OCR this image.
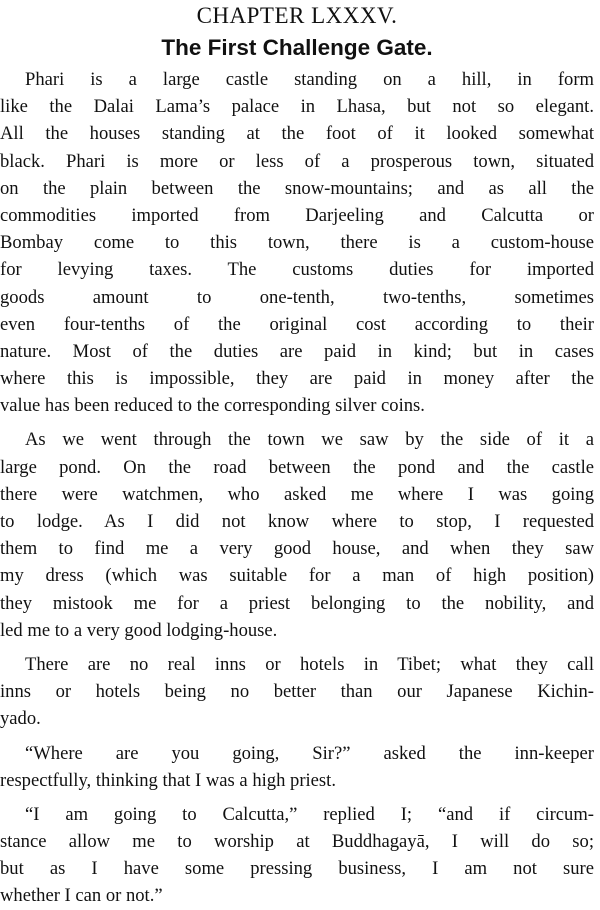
CHAPTER LXXXV.
The First Challenge Gate.
Phari is a large castle standing on a hill, in form
like the Dalai Lama’s palace in Lhasa, but not so elegant.
All the houses standing at the foot of it looked somewhat
black. Phari is more or less of a prosperous town, situated
on the plain between the snow-mountains; and as all the
commodities imported from Darjeeling and Calcutta or
Bombay come to this town, there is a custom-house
for levying taxes. The customs duties for imported
goods amount to one-tenth, two-tenths, sometimes
even four-tenths of the original cost according to their
nature. Most of the duties are paid in kind; but in cases
where this is impossible, they are paid in money after the
value has been reduced to the corresponding silver coins.
As we went through the town we saw by the side of it a
large pond. On the road between the pond and the castle
there were watchmen, who asked me where I was going
to lodge. As I did not know where to stop, I requested
them to find me a very good house, and when they saw
my dress (which was suitable for a man of high position)
they mistook me for a priest belonging to the nobility, and
led me to a very good lodging-house.
There are no real inns or hotels in Tibet; what they call
inns or hotels being no better than our Japanese Kichin-
yado.
“Where are you going, Sir?” asked the inn-keeper
respectfully, thinking that I was a high priest.
“I am going to Calcutta,” replied I; “and if circum-
stance allow me to worship at Buddhagayā, I will do so;
but as I have some pressing business, I am not sure
whether I can or not.”
